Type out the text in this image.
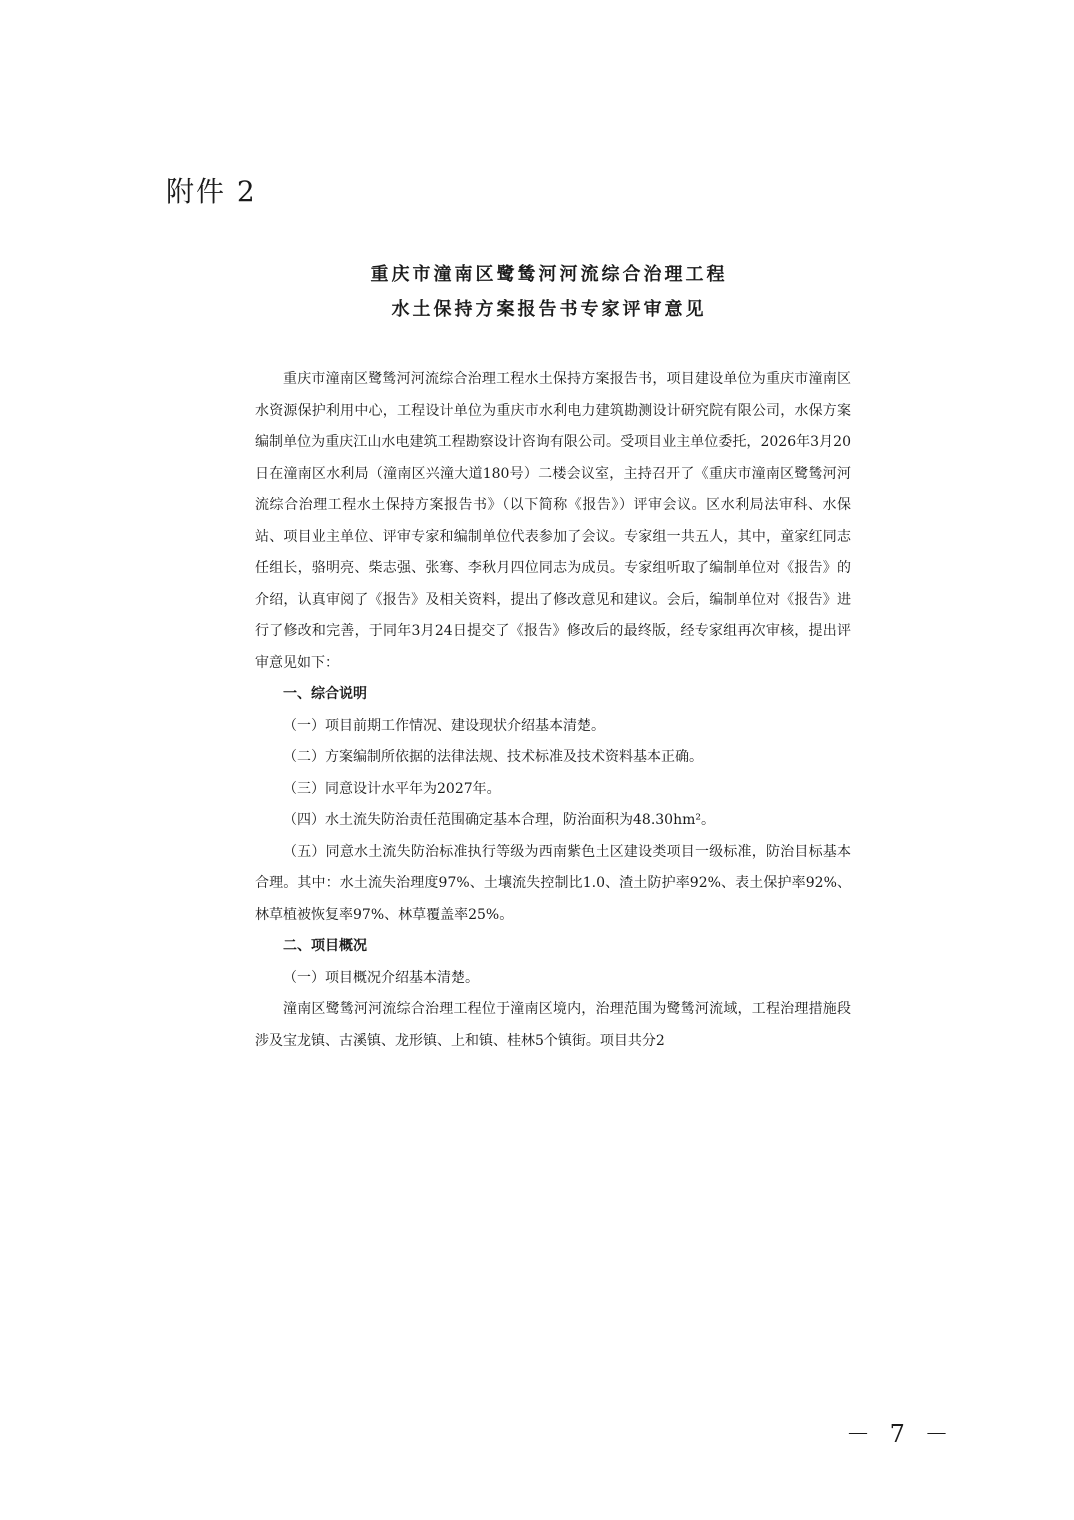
附件 2
重庆市潼南区鹭鸶河河流综合治理工程
水土保持方案报告书专家评审意见

重庆市潼南区鹭鸶河河流综合治理工程水土保持方案报告书，项目建设单位为重庆市潼南区水资源保护利用中心，工程设计单位为重庆市水利电力建筑勘测设计研究院有限公司，水保方案编制单位为重庆江山水电建筑工程勘察设计咨询有限公司。受项目业主单位委托，2026年3月20日在潼南区水利局（潼南区兴潼大道180号）二楼会议室，主持召开了《重庆市潼南区鹭鸶河河流综合治理工程水土保持方案报告书》（以下简称《报告》）评审会议。区水利局法审科、水保站、项目业主单位、评审专家和编制单位代表参加了会议。专家组一共五人，其中，童家红同志任组长，骆明亮、柴志强、张骞、李秋月四位同志为成员。专家组听取了编制单位对《报告》的介绍，认真审阅了《报告》及相关资料，提出了修改意见和建议。会后，编制单位对《报告》进行了修改和完善，于同年3月24日提交了《报告》修改后的最终版，经专家组再次审核，提出评审意见如下：

一、综合说明

（一）项目前期工作情况、建设现状介绍基本清楚。

（二）方案编制所依据的法律法规、技术标准及技术资料基本正确。

（三）同意设计水平年为2027年。

（四）水土流失防治责任范围确定基本合理，防治面积为48.30hm²。

（五）同意水土流失防治标准执行等级为西南紫色土区建设类项目一级标准，防治目标基本合理。其中：水土流失治理度97%、土壤流失控制比1.0、渣土防护率92%、表土保护率92%、林草植被恢复率97%、林草覆盖率25%。

二、项目概况

（一）项目概况介绍基本清楚。

潼南区鹭鸶河河流综合治理工程位于潼南区境内，治理范围为鹭鸶河流域，工程治理措施段涉及宝龙镇、古溪镇、龙形镇、上和镇、桂林5个镇街。项目共分2

－ 7 －
